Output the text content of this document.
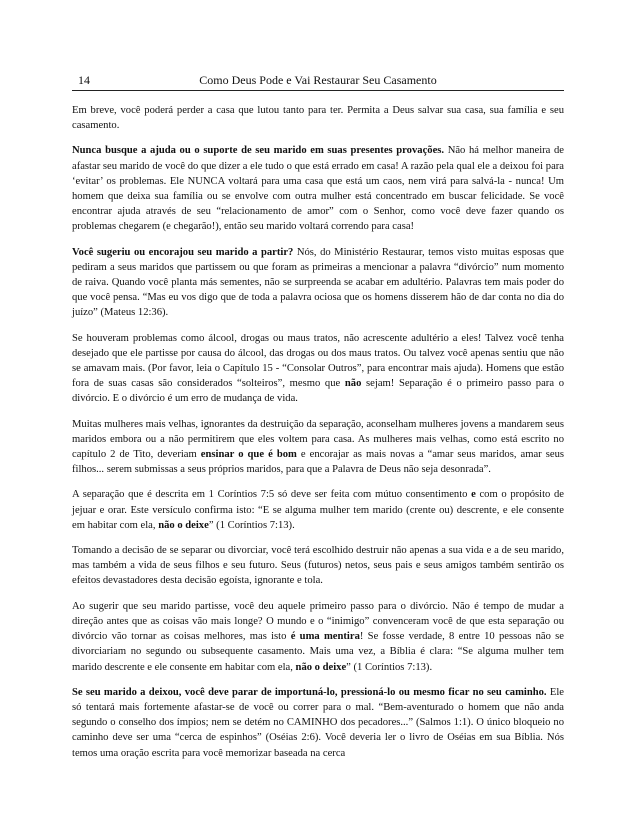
14	Como Deus Pode e Vai Restaurar Seu Casamento

Em breve, você poderá perder a casa que lutou tanto para ter. Permita a Deus salvar sua casa, sua família e seu casamento.

Nunca busque a ajuda ou o suporte de seu marido em suas presentes provações. Não há melhor maneira de afastar seu marido de você do que dizer a ele tudo o que está errado em casa! A razão pela qual ele a deixou foi para ‘evitar’ os problemas. Ele NUNCA voltará para uma casa que está um caos, nem virá para salvá-la - nunca! Um homem que deixa sua família ou se envolve com outra mulher está concentrado em buscar felicidade. Se você encontrar ajuda através de seu “relacionamento de amor” com o Senhor, como você deve fazer quando os problemas chegarem (e chegarão!), então seu marido voltará correndo para casa!

Você sugeriu ou encorajou seu marido a partir? Nós, do Ministério Restaurar, temos visto muitas esposas que pediram a seus maridos que partissem ou que foram as primeiras a mencionar a palavra “divórcio” num momento de raiva. Quando você planta más sementes, não se surpreenda se acabar em adultério. Palavras tem mais poder do que você pensa. “Mas eu vos digo que de toda a palavra ociosa que os homens disserem hão de dar conta no dia do juízo” (Mateus 12:36).

Se houveram problemas como álcool, drogas ou maus tratos, não acrescente adultério a eles! Talvez você tenha desejado que ele partisse por causa do álcool, das drogas ou dos maus tratos. Ou talvez você apenas sentiu que não se amavam mais. (Por favor, leia o Capítulo 15 - “Consolar Outros”, para encontrar mais ajuda). Homens que estão fora de suas casas são considerados “solteiros”, mesmo que não sejam! Separação é o primeiro passo para o divórcio. E o divórcio é um erro de mudança de vida.

Muitas mulheres mais velhas, ignorantes da destruição da separação, aconselham mulheres jovens a mandarem seus maridos embora ou a não permitirem que eles voltem para casa. As mulheres mais velhas, como está escrito no capítulo 2 de Tito, deveriam ensinar o que é bom e encorajar as mais novas a “amar seus maridos, amar seus filhos... serem submissas a seus próprios maridos, para que a Palavra de Deus não seja desonrada”.

A separação que é descrita em 1 Coríntios 7:5 só deve ser feita com mútuo consentimento e com o propósito de jejuar e orar. Este versículo confirma isto: “E se alguma mulher tem marido (crente ou) descrente, e ele consente em habitar com ela, não o deixe” (1 Coríntios 7:13).

Tomando a decisão de se separar ou divorciar, você terá escolhido destruir não apenas a sua vida e a de seu marido, mas também a vida de seus filhos e seu futuro. Seus (futuros) netos, seus pais e seus amigos também sentirão os efeitos devastadores desta decisão egoísta, ignorante e tola.

Ao sugerir que seu marido partisse, você deu aquele primeiro passo para o divórcio. Não é tempo de mudar a direção antes que as coisas vão mais longe? O mundo e o “inimigo” convenceram você de que esta separação ou divórcio vão tornar as coisas melhores, mas isto é uma mentira! Se fosse verdade, 8 entre 10 pessoas não se divorciariam no segundo ou subsequente casamento. Mais uma vez, a Bíblia é clara: “Se alguma mulher tem marido descrente e ele consente em habitar com ela, não o deixe” (1 Coríntios 7:13).

Se seu marido a deixou, você deve parar de importuná-lo, pressioná-lo ou mesmo ficar no seu caminho. Ele só tentará mais fortemente afastar-se de você ou correr para o mal. “Bem-aventurado o homem que não anda segundo o conselho dos ímpios; nem se detém no CAMINHO dos pecadores...” (Salmos 1:1). O único bloqueio no caminho deve ser uma “cerca de espinhos” (Oséias 2:6). Você deveria ler o livro de Oséias em sua Bíblia. Nós temos uma oração escrita para você memorizar baseada na cerca
